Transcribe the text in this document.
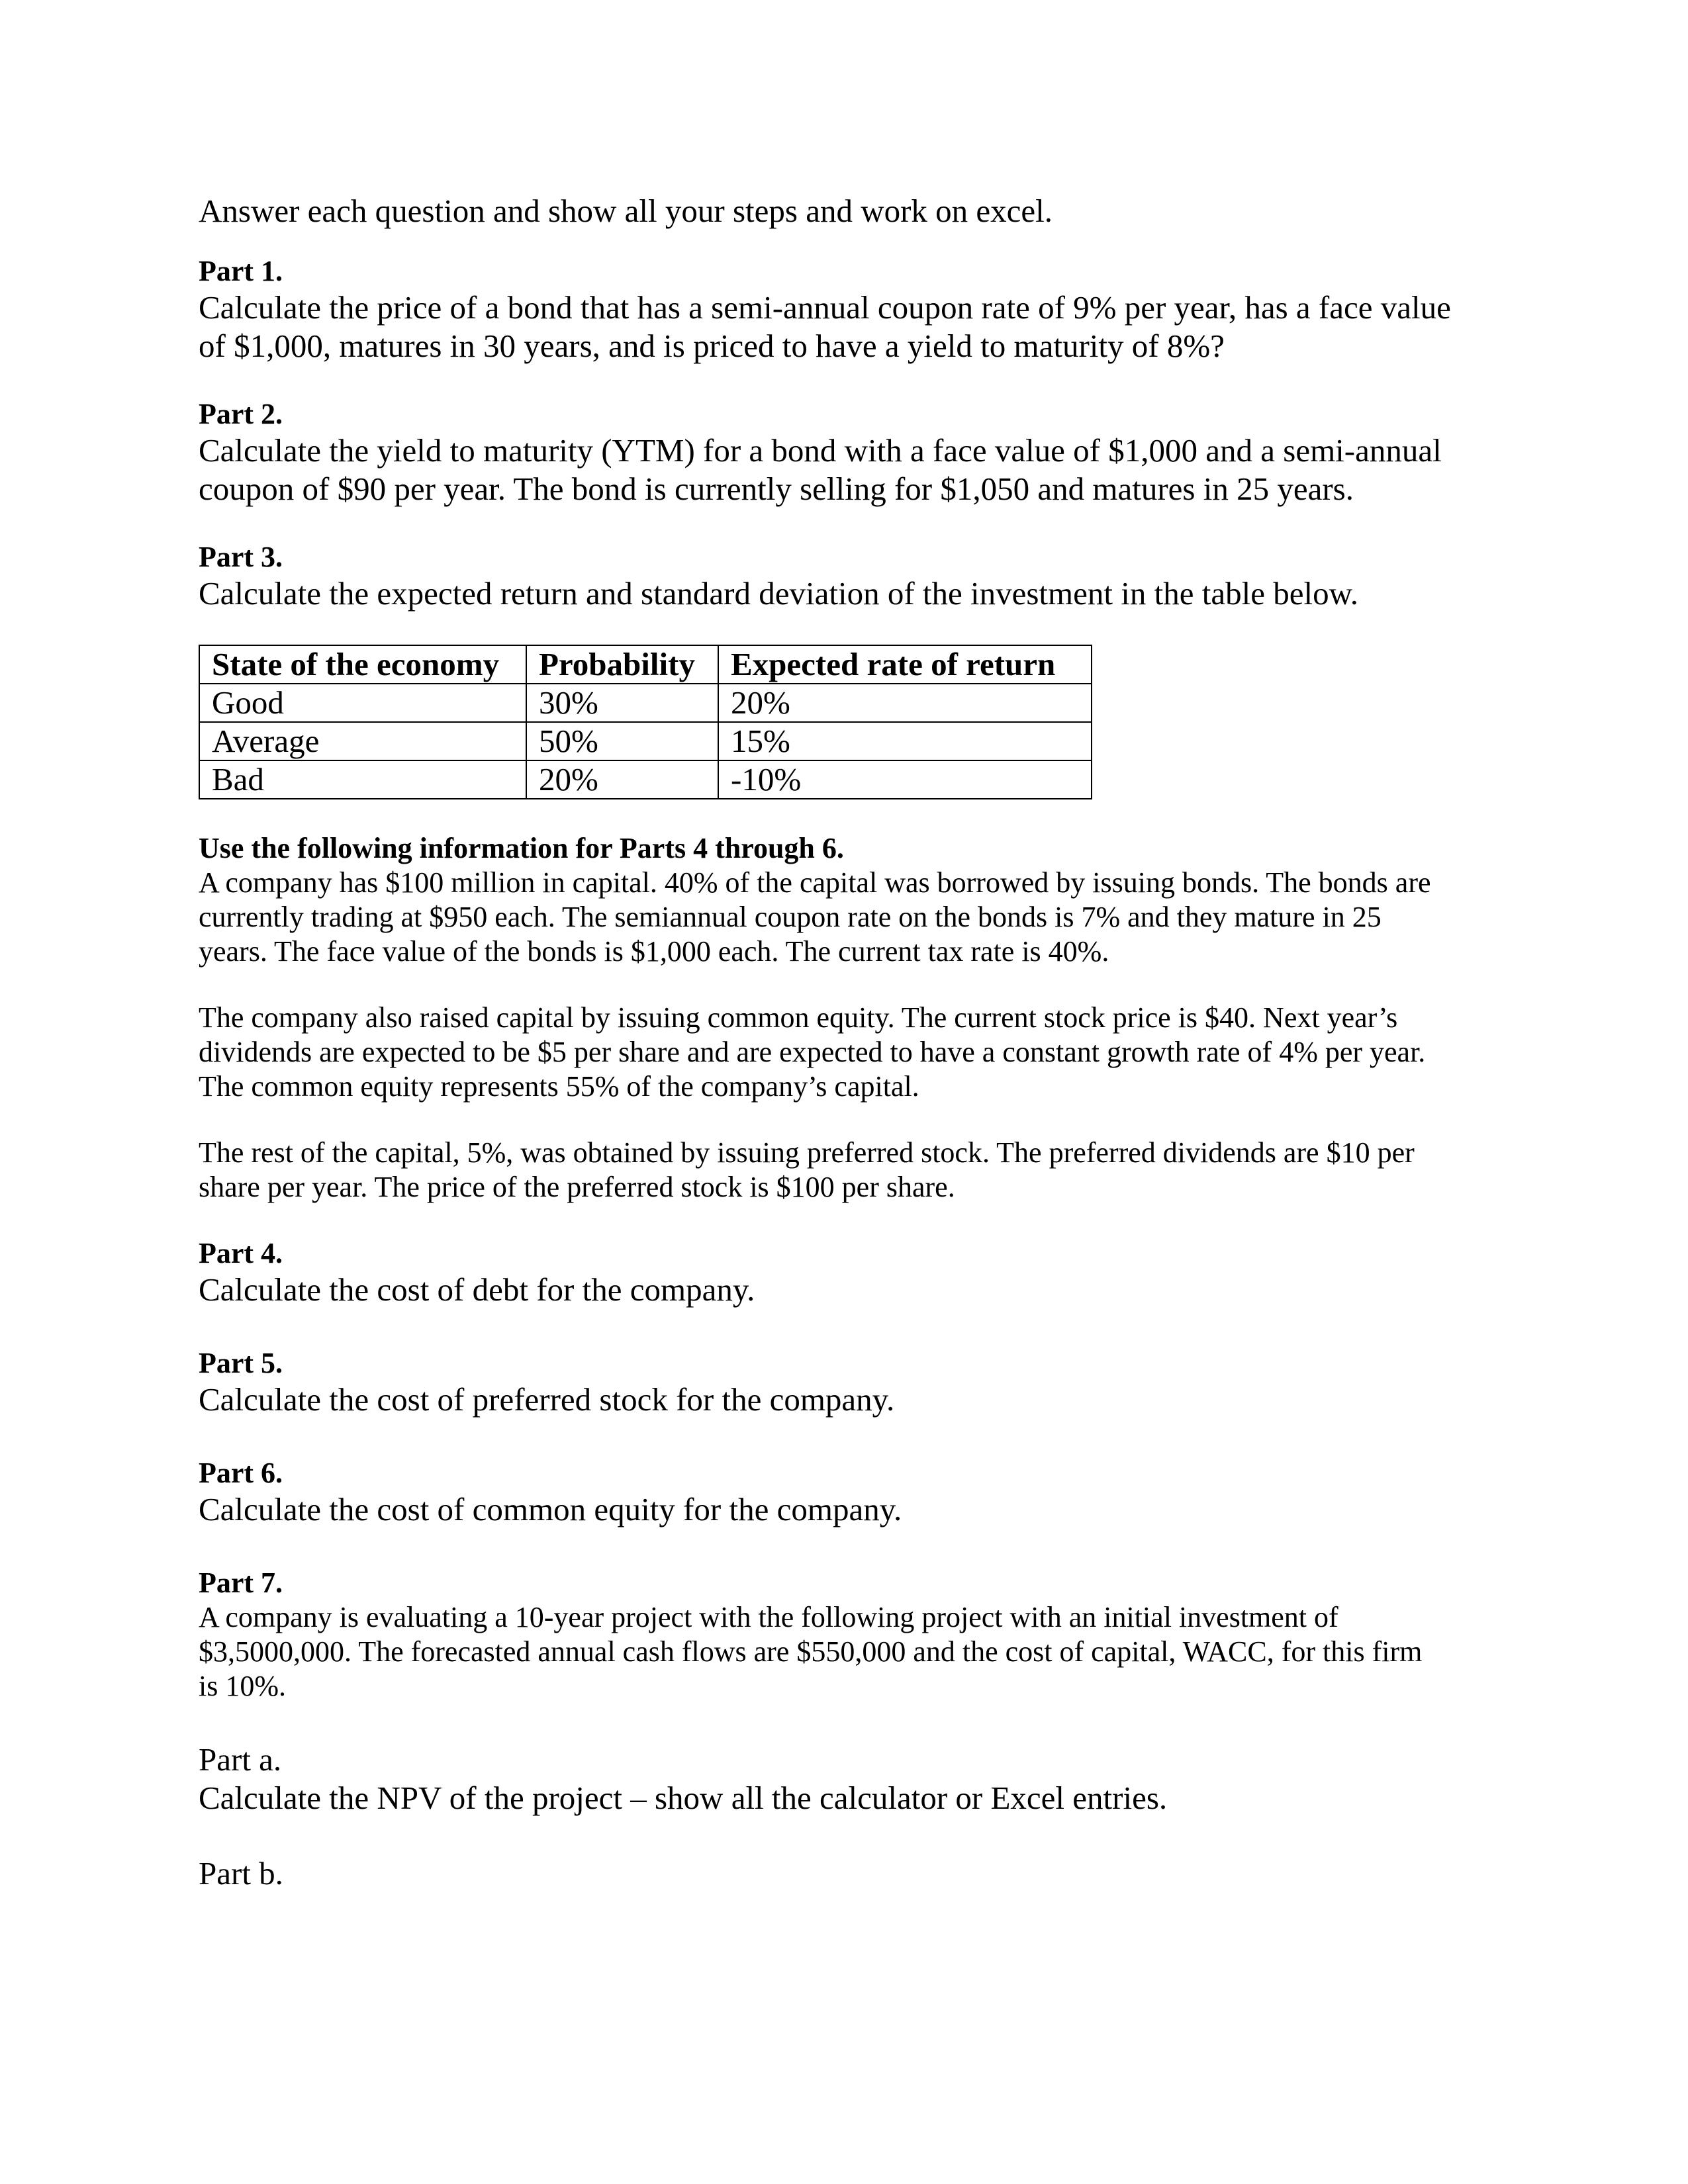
Answer each question and show all your steps and work on excel.

Part 1.

Calculate the price of a bond that has a semi-annual coupon rate of 9% per year, has a face value

of $1,000, matures in 30 years, and is priced to have a yield to maturity of 8%?

Part 2.

Calculate the yield to maturity (YTM) for a bond with a face value of $1,000 and a semi-annual

coupon of $90 per year. The bond is currently selling for $1,050 and matures in 25 years.

Part 3.

Calculate the expected return and standard deviation of the investment in the table below.

State of the economy	Probability	Expected rate of return
Good	30%	20%
Average	50%	15%
Bad	20%	-10%

Use the following information for Parts 4 through 6.

A company has $100 million in capital. 40% of the capital was borrowed by issuing bonds. The bonds are

currently trading at $950 each. The semiannual coupon rate on the bonds is 7% and they mature in 25

years. The face value of the bonds is $1,000 each. The current tax rate is 40%.

The company also raised capital by issuing common equity. The current stock price is $40. Next year’s

dividends are expected to be $5 per share and are expected to have a constant growth rate of 4% per year.

The common equity represents 55% of the company’s capital.

The rest of the capital, 5%, was obtained by issuing preferred stock. The preferred dividends are $10 per

share per year. The price of the preferred stock is $100 per share.

Part 4.

Calculate the cost of debt for the company.

Part 5.

Calculate the cost of preferred stock for the company.

Part 6.

Calculate the cost of common equity for the company.

Part 7.

A company is evaluating a 10-year project with the following project with an initial investment of

$3,5000,000. The forecasted annual cash flows are $550,000 and the cost of capital, WACC, for this firm

is 10%.

Part a.

Calculate the NPV of the project – show all the calculator or Excel entries.

Part b.
